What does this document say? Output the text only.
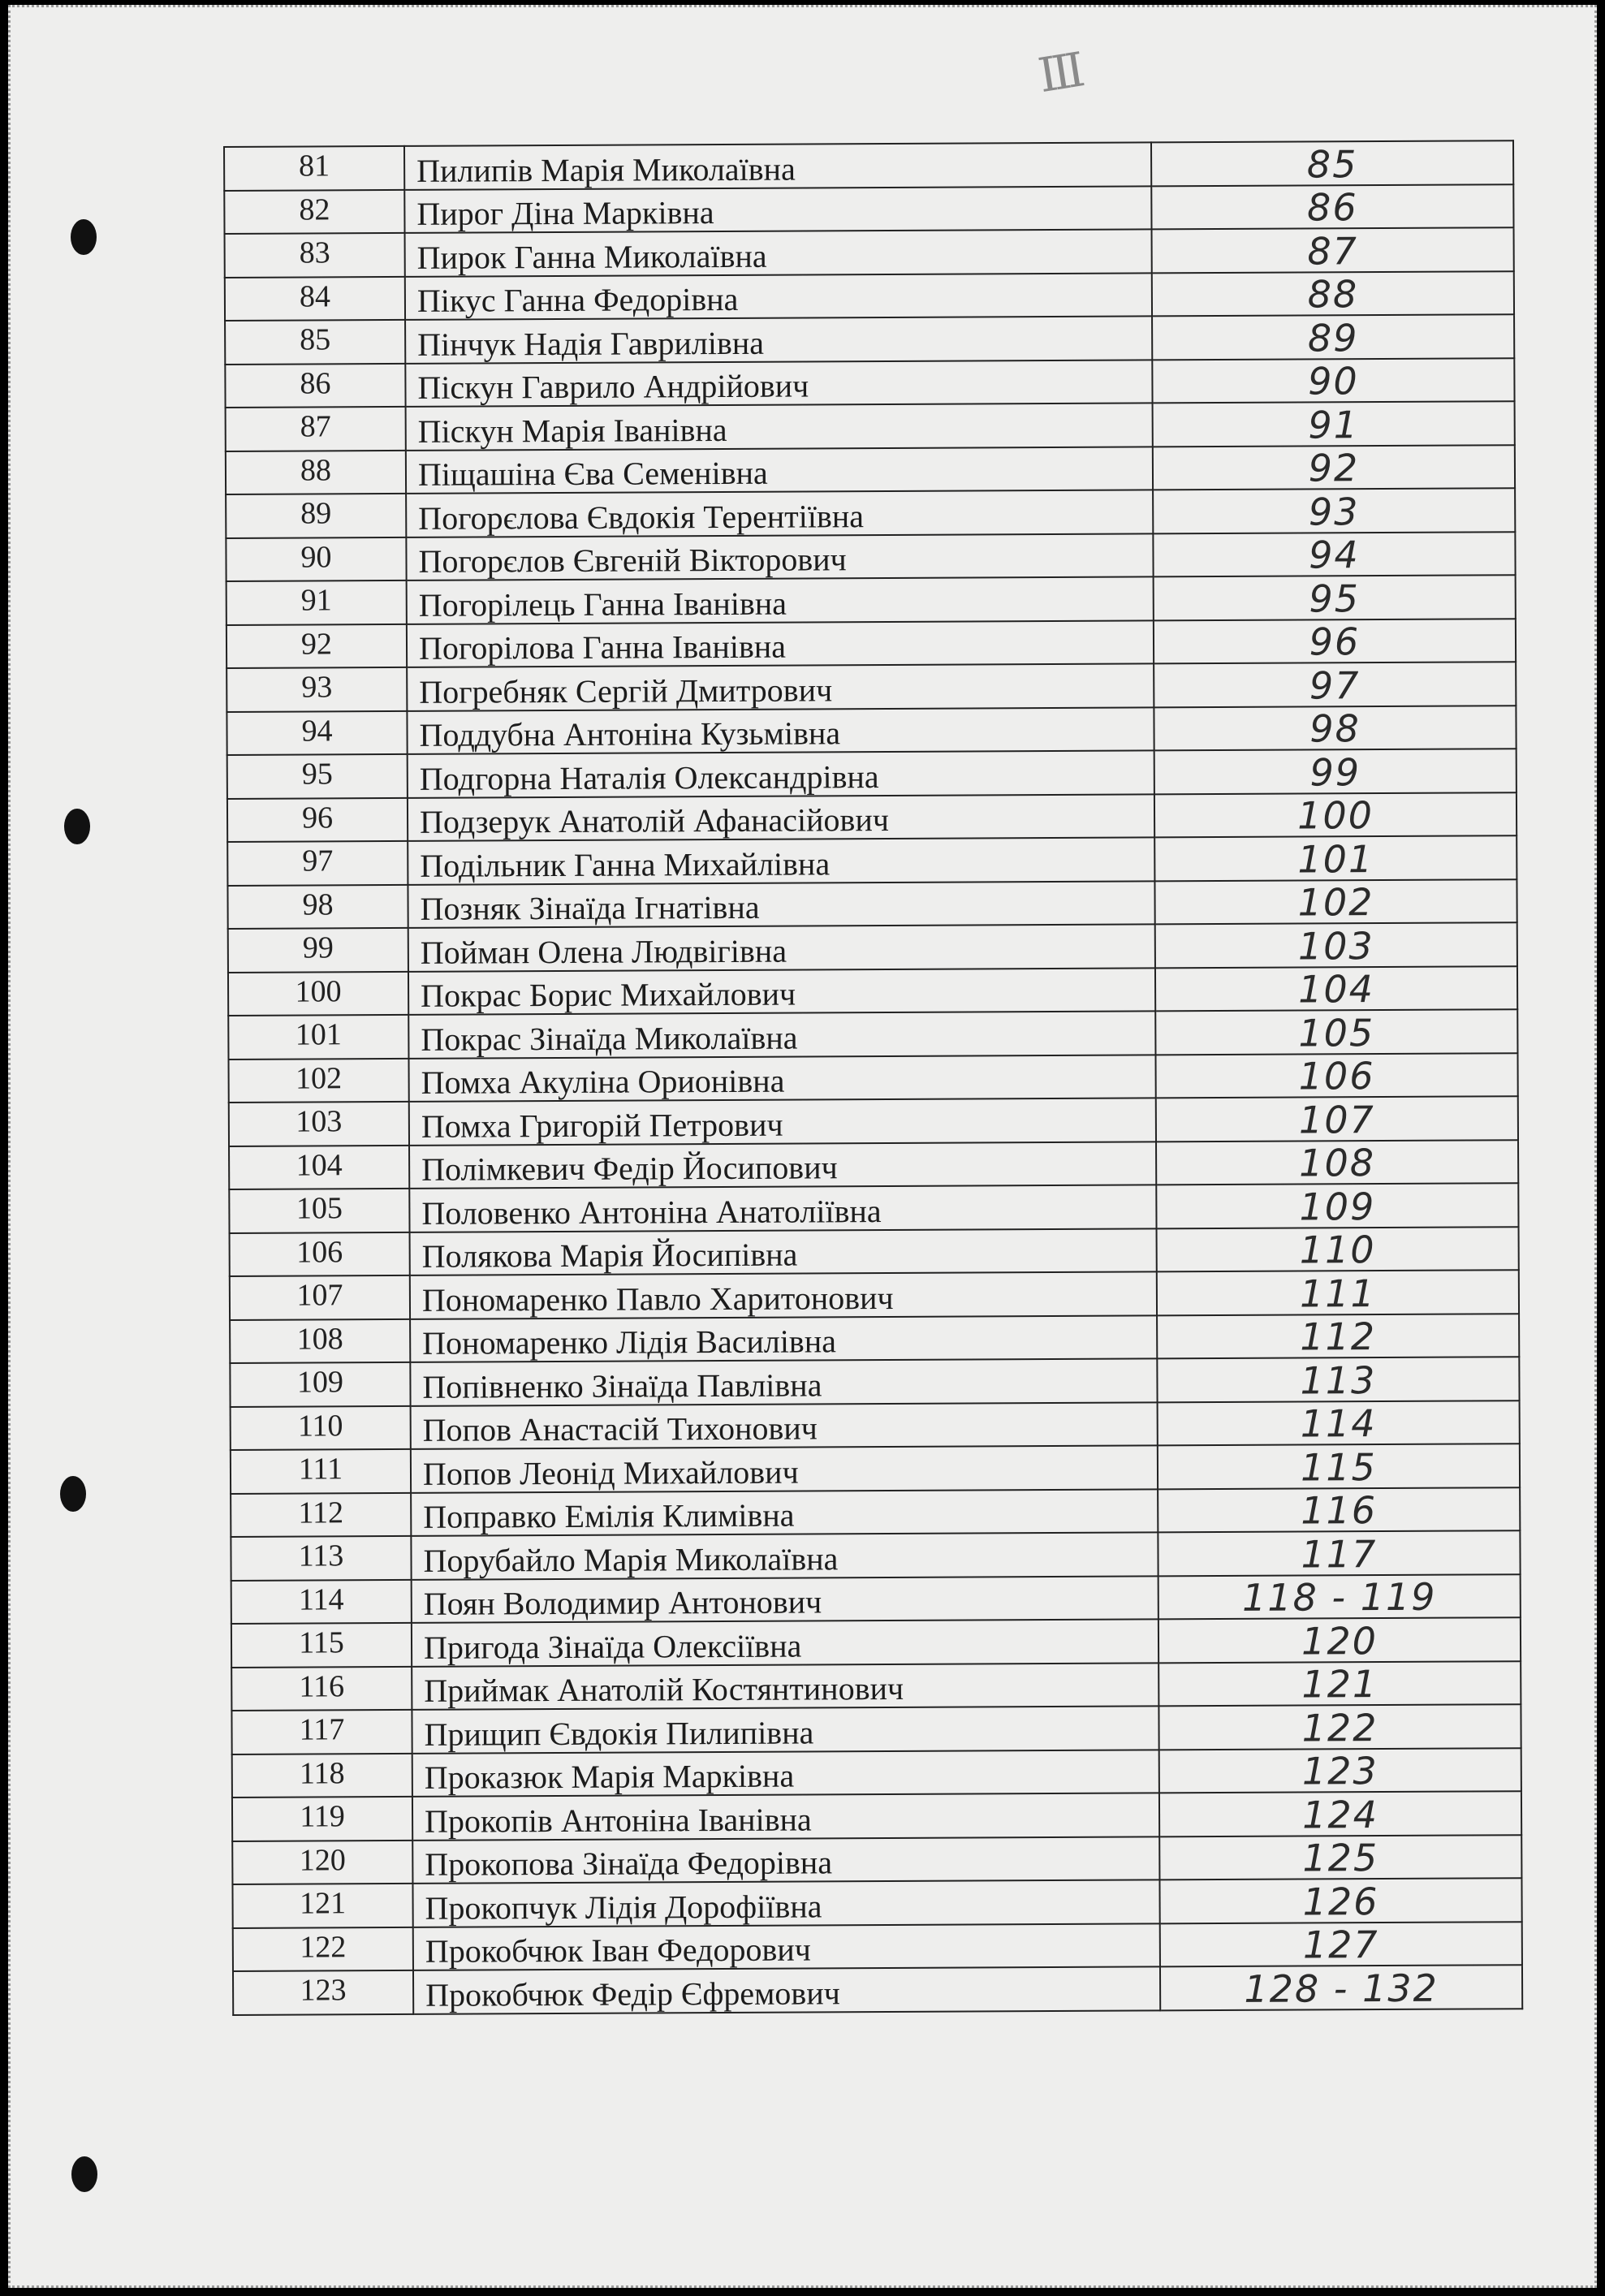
III
81	Пилипів Марія Миколаївна	85
82	Пирог Діна Марківна	86
83	Пирок Ганна Миколаївна	87
84	Пікус Ганна Федорівна	88
85	Пінчук Надія Гаврилівна	89
86	Піскун Гаврило Андрійович	90
87	Піскун Марія Іванівна	91
88	Піщашіна Єва Семенівна	92
89	Погорєлова Євдокія Терентіївна	93
90	Погорєлов Євгеній Вікторович	94
91	Погорілець Ганна Іванівна	95
92	Погорілова Ганна Іванівна	96
93	Погребняк Сергій Дмитрович	97
94	Поддубна Антоніна Кузьмівна	98
95	Подгорна Наталія Олександрівна	99
96	Подзерук Анатолій Афанасійович	100
97	Подільник Ганна Михайлівна	101
98	Позняк Зінаїда Ігнатівна	102
99	Пойман Олена Людвігівна	103
100	Покрас Борис Михайлович	104
101	Покрас Зінаїда Миколаївна	105
102	Помха Акуліна Орионівна	106
103	Помха Григорій Петрович	107
104	Полімкевич Федір Йосипович	108
105	Половенко Антоніна Анатоліївна	109
106	Полякова Марія Йосипівна	110
107	Пономаренко Павло Харитонович	111
108	Пономаренко Лідія Василівна	112
109	Попівненко Зінаїда Павлівна	113
110	Попов Анастасій Тихонович	114
111	Попов Леонід Михайлович	115
112	Поправко Емілія Климівна	116
113	Порубайло Марія Миколаївна	117
114	Поян Володимир Антонович	118 - 119
115	Пригода Зінаїда Олексіївна	120
116	Приймак Анатолій Костянтинович	121
117	Прищип Євдокія Пилипівна	122
118	Проказюк Марія Марківна	123
119	Прокопів Антоніна Іванівна	124
120	Прокопова Зінаїда Федорівна	125
121	Прокопчук Лідія Дорофіївна	126
122	Прокобчюк Іван Федорович	127
123	Прокобчюк Федір Єфремович	128 - 132
